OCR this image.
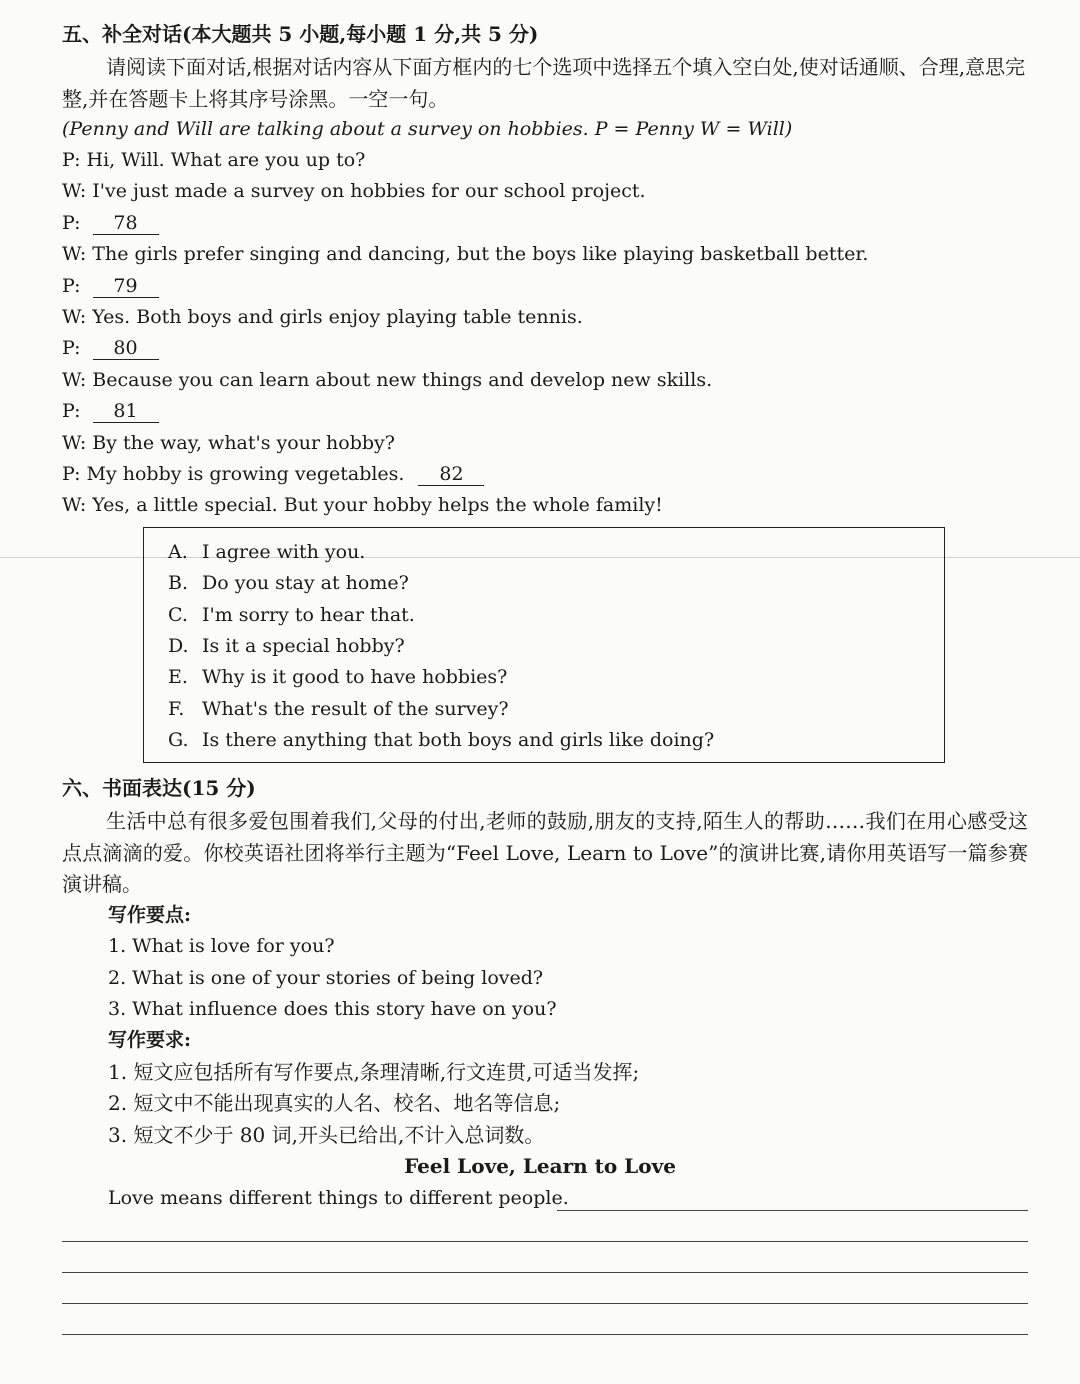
五、补全对话(本大题共 5 小题,每小题 1 分,共 5 分)
请阅读下面对话,根据对话内容从下面方框内的七个选项中选择五个填入空白处,使对话通顺、合理,意思完整,并在答题卡上将其序号涂黑。一空一句。
(Penny and Will are talking about a survey on hobbies. P = Penny W = Will)
P: Hi, Will. What are you up to?
W: I've just made a survey on hobbies for our school project.
P: 78
W: The girls prefer singing and dancing, but the boys like playing basketball better.
P: 79
W: Yes. Both boys and girls enjoy playing table tennis.
P: 80
W: Because you can learn about new things and develop new skills.
P: 81
W: By the way, what's your hobby?
P: My hobby is growing vegetables. 82
W: Yes, a little special. But your hobby helps the whole family!
A. I agree with you.
B. Do you stay at home?
C. I'm sorry to hear that.
D. Is it a special hobby?
E. Why is it good to have hobbies?
F. What's the result of the survey?
G. Is there anything that both boys and girls like doing?
六、书面表达(15 分)
生活中总有很多爱包围着我们,父母的付出,老师的鼓励,朋友的支持,陌生人的帮助……我们在用心感受这点点滴滴的爱。你校英语社团将举行主题为“Feel Love, Learn to Love”的演讲比赛,请你用英语写一篇参赛演讲稿。
写作要点:
1. What is love for you?
2. What is one of your stories of being loved?
3. What influence does this story have on you?
写作要求:
1. 短文应包括所有写作要点,条理清晰,行文连贯,可适当发挥;
2. 短文中不能出现真实的人名、校名、地名等信息;
3. 短文不少于 80 词,开头已给出,不计入总词数。
Feel Love, Learn to Love
Love means different things to different people.
